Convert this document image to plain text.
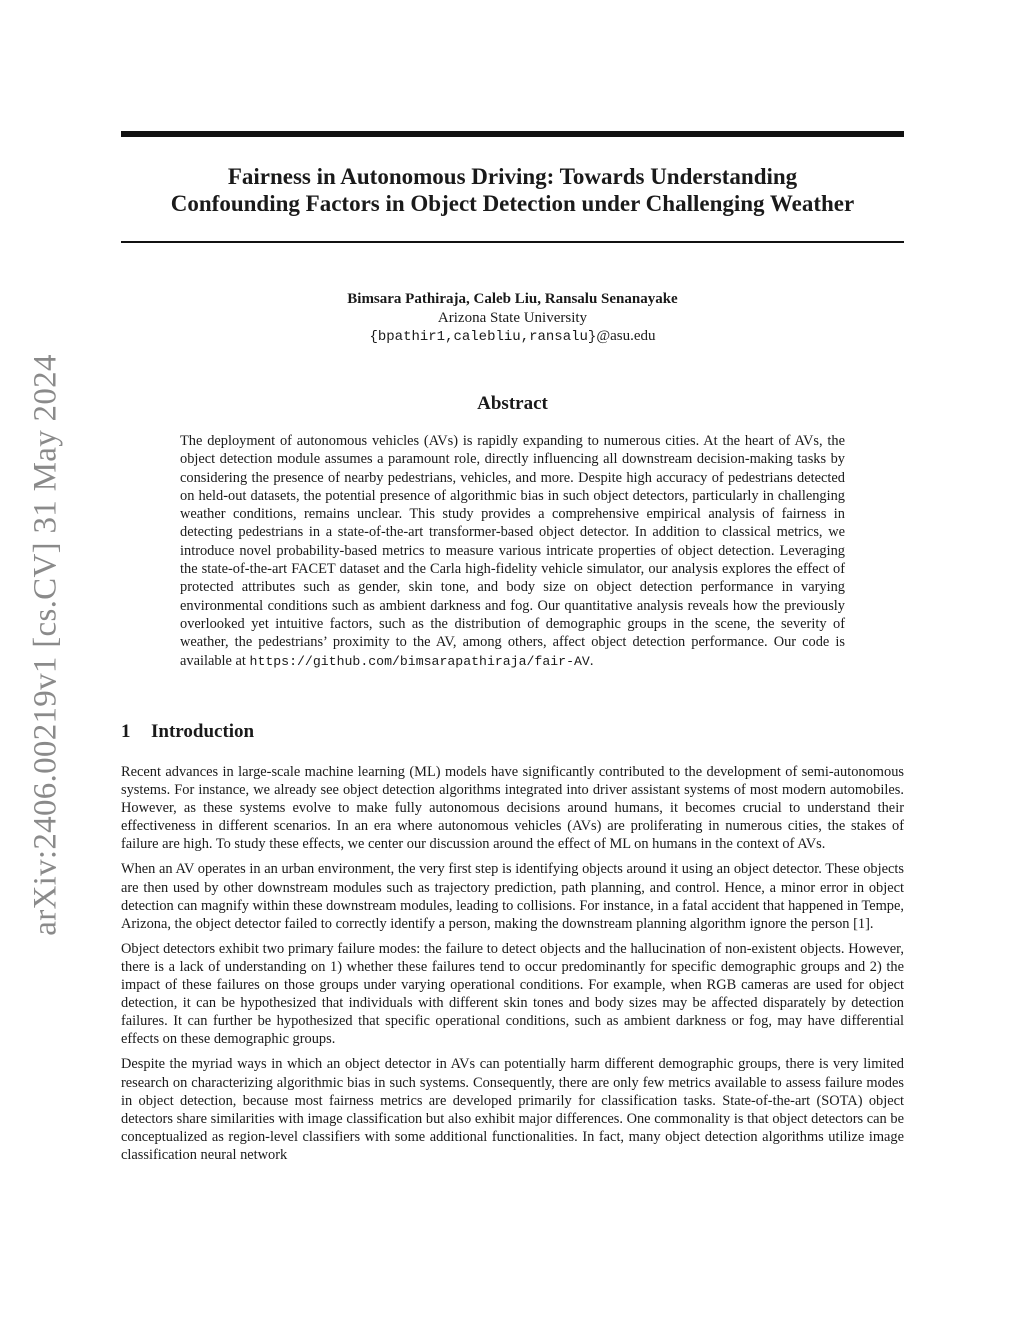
arXiv:2406.00219v1 [cs.CV] 31 May 2024
Fairness in Autonomous Driving: Towards Understanding
Confounding Factors in Object Detection under Challenging Weather
Bimsara Pathiraja, Caleb Liu, Ransalu Senanayake
Arizona State University
{bpathir1,calebliu,ransalu}@asu.edu
Abstract
The deployment of autonomous vehicles (AVs) is rapidly expanding to numerous cities. At the heart of AVs, the object detection module assumes a paramount role, directly influencing all downstream decision-making tasks by considering the presence of nearby pedestrians, vehicles, and more. Despite high accuracy of pedestrians detected on held-out datasets, the potential presence of algorithmic bias in such object detectors, particularly in challenging weather conditions, remains unclear. This study provides a comprehensive empirical analysis of fairness in detecting pedestrians in a state-of-the-art transformer-based object detector. In addition to classical metrics, we introduce novel probability-based metrics to measure various intricate properties of object detection. Leveraging the state-of-the-art FACET dataset and the Carla high-fidelity vehicle simulator, our analysis explores the effect of protected attributes such as gender, skin tone, and body size on object detection performance in varying environmental conditions such as ambient darkness and fog. Our quantitative analysis reveals how the previously overlooked yet intuitive factors, such as the distribution of demographic groups in the scene, the severity of weather, the pedestrians’ proximity to the AV, among others, affect object detection performance. Our code is available at https://github.com/bimsarapathiraja/fair-AV.
1 Introduction

Recent advances in large-scale machine learning (ML) models have significantly contributed to the development of semi-autonomous systems. For instance, we already see object detection algorithms integrated into driver assistant systems of most modern automobiles. However, as these systems evolve to make fully autonomous decisions around humans, it becomes crucial to understand their effectiveness in different scenarios. In an era where autonomous vehicles (AVs) are proliferating in numerous cities, the stakes of failure are high. To study these effects, we center our discussion around the effect of ML on humans in the context of AVs.

When an AV operates in an urban environment, the very first step is identifying objects around it using an object detector. These objects are then used by other downstream modules such as trajectory prediction, path planning, and control. Hence, a minor error in object detection can magnify within these downstream modules, leading to collisions. For instance, in a fatal accident that happened in Tempe, Arizona, the object detector failed to correctly identify a person, making the downstream planning algorithm ignore the person [1].

Object detectors exhibit two primary failure modes: the failure to detect objects and the hallucination of non-existent objects. However, there is a lack of understanding on 1) whether these failures tend to occur predominantly for specific demographic groups and 2) the impact of these failures on those groups under varying operational conditions. For example, when RGB cameras are used for object detection, it can be hypothesized that individuals with different skin tones and body sizes may be affected disparately by detection failures. It can further be hypothesized that specific operational conditions, such as ambient darkness or fog, may have differential effects on these demographic groups.

Despite the myriad ways in which an object detector in AVs can potentially harm different demographic groups, there is very limited research on characterizing algorithmic bias in such systems. Consequently, there are only few metrics available to assess failure modes in object detection, because most fairness metrics are developed primarily for classification tasks. State-of-the-art (SOTA) object detectors share similarities with image classification but also exhibit major differences. One commonality is that object detectors can be conceptualized as region-level classifiers with some additional functionalities. In fact, many object detection algorithms utilize image classification neural network
